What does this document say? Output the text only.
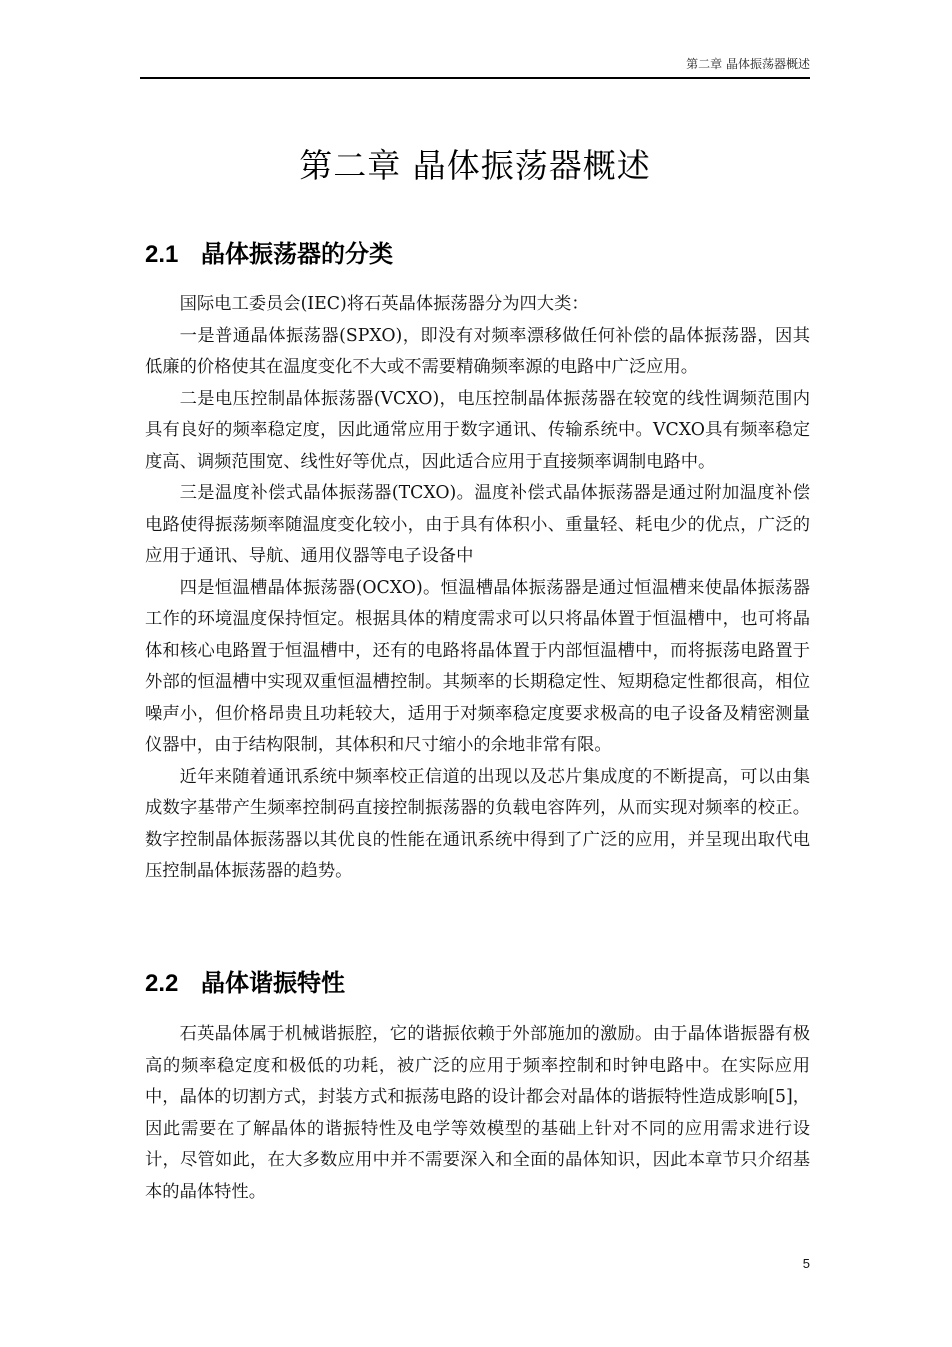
第二章 晶体振荡器概述
第二章 晶体振荡器概述
2.1 晶体振荡器的分类

国际电工委员会(IEC)将石英晶体振荡器分为四大类：

一是普通晶体振荡器(SPXO)，即没有对频率漂移做任何补偿的晶体振荡器，因其低廉的价格使其在温度变化不大或不需要精确频率源的电路中广泛应用。

二是电压控制晶体振荡器(VCXO)，电压控制晶体振荡器在较宽的线性调频范围内具有良好的频率稳定度，因此通常应用于数字通讯、传输系统中。VCXO具有频率稳定度高、调频范围宽、线性好等优点，因此适合应用于直接频率调制电路中。

三是温度补偿式晶体振荡器(TCXO)。温度补偿式晶体振荡器是通过附加温度补偿电路使得振荡频率随温度变化较小，由于具有体积小、重量轻、耗电少的优点，广泛的应用于通讯、导航、通用仪器等电子设备中

四是恒温槽晶体振荡器(OCXO)。恒温槽晶体振荡器是通过恒温槽来使晶体振荡器工作的环境温度保持恒定。根据具体的精度需求可以只将晶体置于恒温槽中，也可将晶体和核心电路置于恒温槽中，还有的电路将晶体置于内部恒温槽中，而将振荡电路置于外部的恒温槽中实现双重恒温槽控制。其频率的长期稳定性、短期稳定性都很高，相位噪声小，但价格昂贵且功耗较大，适用于对频率稳定度要求极高的电子设备及精密测量仪器中，由于结构限制，其体积和尺寸缩小的余地非常有限。

近年来随着通讯系统中频率校正信道的出现以及芯片集成度的不断提高，可以由集成数字基带产生频率控制码直接控制振荡器的负载电容阵列，从而实现对频率的校正。数字控制晶体振荡器以其优良的性能在通讯系统中得到了广泛的应用，并呈现出取代电压控制晶体振荡器的趋势。

2.2 晶体谐振特性

石英晶体属于机械谐振腔，它的谐振依赖于外部施加的激励。由于晶体谐振器有极高的频率稳定度和极低的功耗，被广泛的应用于频率控制和时钟电路中。在实际应用中，晶体的切割方式，封装方式和振荡电路的设计都会对晶体的谐振特性造成影响[5]，因此需要在了解晶体的谐振特性及电学等效模型的基础上针对不同的应用需求进行设计，尽管如此，在大多数应用中并不需要深入和全面的晶体知识，因此本章节只介绍基本的晶体特性。

5
